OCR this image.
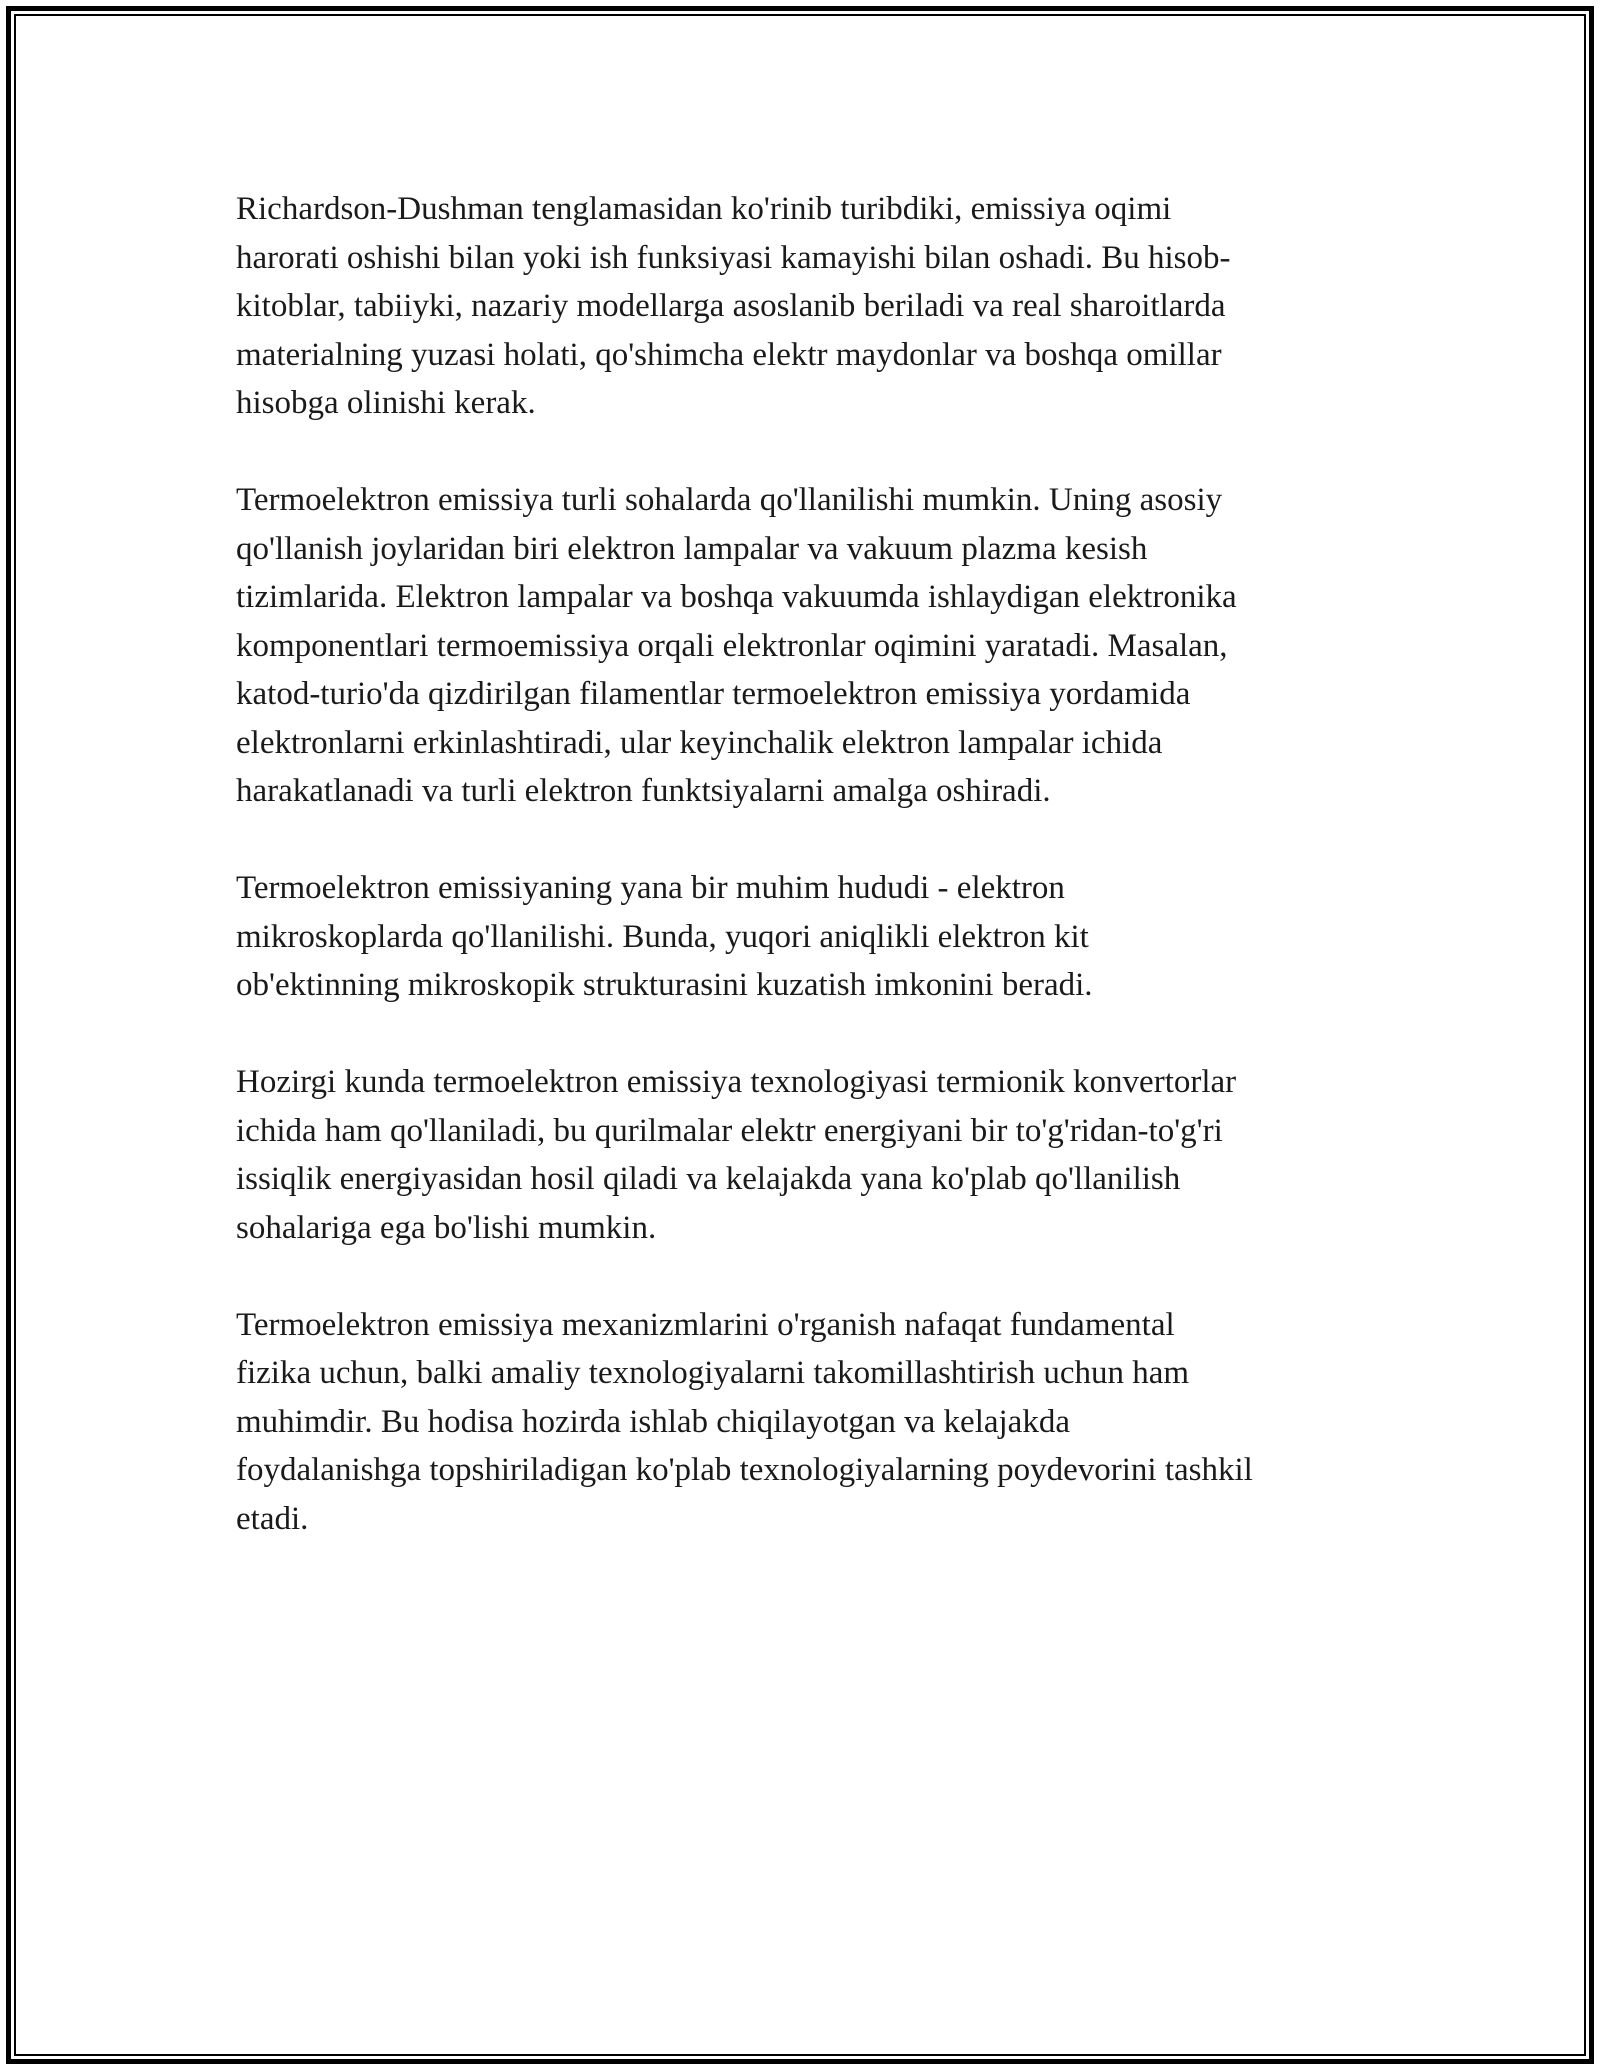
Richardson-Dushman tenglamasidan ko'rinib turibdiki, emissiya oqimi
harorati oshishi bilan yoki ish funksiyasi kamayishi bilan oshadi. Bu hisob-
kitoblar, tabiiyki, nazariy modellarga asoslanib beriladi va real sharoitlarda
materialning yuzasi holati, qo'shimcha elektr maydonlar va boshqa omillar
hisobga olinishi kerak.

Termoelektron emissiya turli sohalarda qo'llanilishi mumkin. Uning asosiy
qo'llanish joylaridan biri elektron lampalar va vakuum plazma kesish
tizimlarida. Elektron lampalar va boshqa vakuumda ishlaydigan elektronika
komponentlari termoemissiya orqali elektronlar oqimini yaratadi. Masalan,
katod-turio'da qizdirilgan filamentlar termoelektron emissiya yordamida
elektronlarni erkinlashtiradi, ular keyinchalik elektron lampalar ichida
harakatlanadi va turli elektron funktsiyalarni amalga oshiradi.

Termoelektron emissiyaning yana bir muhim hududi - elektron
mikroskoplarda qo'llanilishi. Bunda, yuqori aniqlikli elektron kit
ob'ektinning mikroskopik strukturasini kuzatish imkonini beradi.

Hozirgi kunda termoelektron emissiya texnologiyasi termionik konvertorlar
ichida ham qo'llaniladi, bu qurilmalar elektr energiyani bir to'g'ridan-to'g'ri
issiqlik energiyasidan hosil qiladi va kelajakda yana ko'plab qo'llanilish
sohalariga ega bo'lishi mumkin.

Termoelektron emissiya mexanizmlarini o'rganish nafaqat fundamental
fizika uchun, balki amaliy texnologiyalarni takomillashtirish uchun ham
muhimdir. Bu hodisa hozirda ishlab chiqilayotgan va kelajakda
foydalanishga topshiriladigan ko'plab texnologiyalarning poydevorini tashkil
etadi.
